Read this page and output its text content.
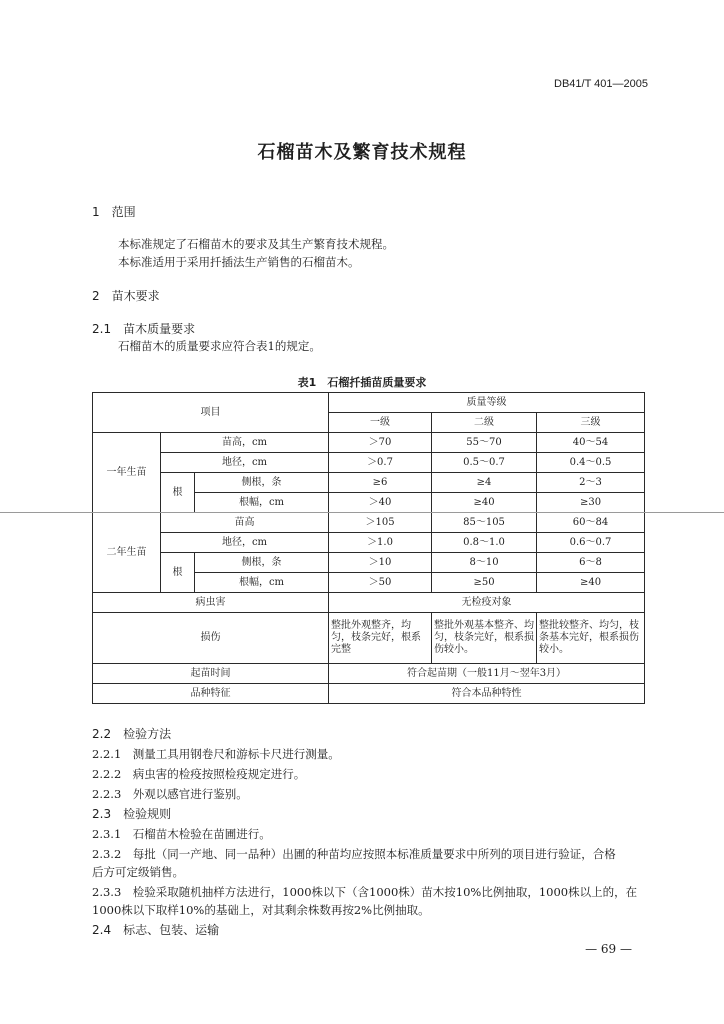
DB41/T 401—2005
石榴苗木及繁育技术规程
1　范围
本标准规定了石榴苗木的要求及其生产繁育技术规程。
本标准适用于采用扦插法生产销售的石榴苗木。
2　苗木要求
2.1　苗木质量要求
石榴苗木的质量要求应符合表1的规定。
表1　石榴扦插苗质量要求
项目			质量等级		
			一级	二级	三级
一年生苗	苗高，cm		＞70	55～70	40～54
	地径，cm		＞0.7	0.5～0.7	0.4～0.5
	根	侧根，条	≥6	≥4	2～3
		根幅，cm	＞40	≥40	≥30
二年生苗	苗高		＞105	85～105	60～84
	地径，cm		＞1.0	0.8～1.0	0.6～0.7
	根	侧根，条	＞10	8～10	6～8
		根幅，cm	＞50	≥50	≥40
病虫害			无检疫对象		
损伤			整批外观整齐，均匀，枝条完好，根系完整	整批外观基本整齐、均匀，枝条完好，根系损伤较小。	整批较整齐、均匀，枝条基本完好，根系损伤较小。
起苗时间			符合起苗期（一般11月～翌年3月）		
品种特征			符合本品种特性		
2.2　检验方法
2.2.1　测量工具用钢卷尺和游标卡尺进行测量。
2.2.2　病虫害的检疫按照检疫规定进行。
2.2.3　外观以感官进行鉴别。
2.3　检验规则
2.3.1　石榴苗木检验在苗圃进行。
2.3.2　每批（同一产地、同一品种）出圃的种苗均应按照本标准质量要求中所列的项目进行验证，合格
后方可定级销售。
2.3.3　检验采取随机抽样方法进行，1000株以下（含1000株）苗木按10%比例抽取，1000株以上的，在
1000株以下取样10%的基础上，对其剩余株数再按2%比例抽取。
2.4　标志、包装、运输
— 69 —
